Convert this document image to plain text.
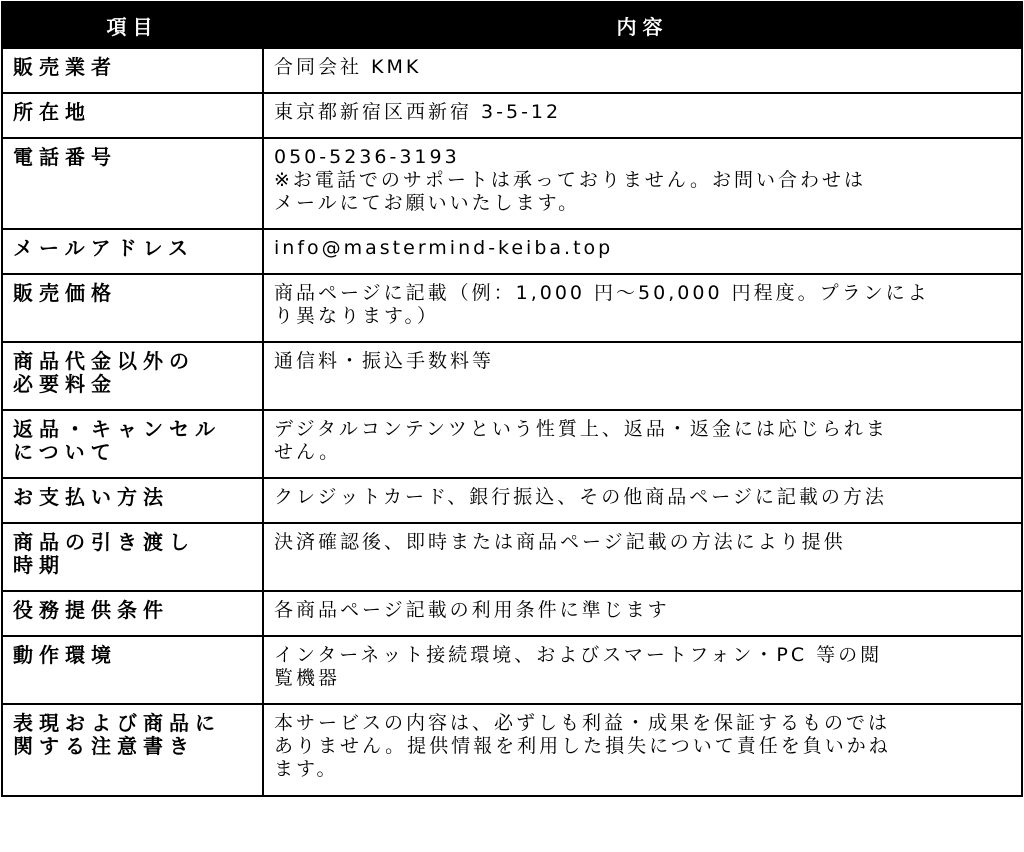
項目	内容
販売業者	合同会社 KMK
所在地	東京都新宿区西新宿 3-5-12
電話番号	050-5236-3193
※お電話でのサポートは承っておりません。お問い合わせは
メールにてお願いいたします。
メールアドレス	info@mastermind-keiba.top
販売価格	商品ページに記載（例：1,000 円～50,000 円程度。プランによ
り異なります。）
商品代金以外の
必要料金	通信料・振込手数料等
返品・キャンセル
について	デジタルコンテンツという性質上、返品・返金には応じられま
せん。
お支払い方法	クレジットカード、銀行振込、その他商品ページに記載の方法
商品の引き渡し
時期	決済確認後、即時または商品ページ記載の方法により提供
役務提供条件	各商品ページ記載の利用条件に準じます
動作環境	インターネット接続環境、およびスマートフォン・PC 等の閲
覧機器
表現および商品に
関する注意書き	本サービスの内容は、必ずしも利益・成果を保証するものでは
ありません。提供情報を利用した損失について責任を負いかね
ます。
